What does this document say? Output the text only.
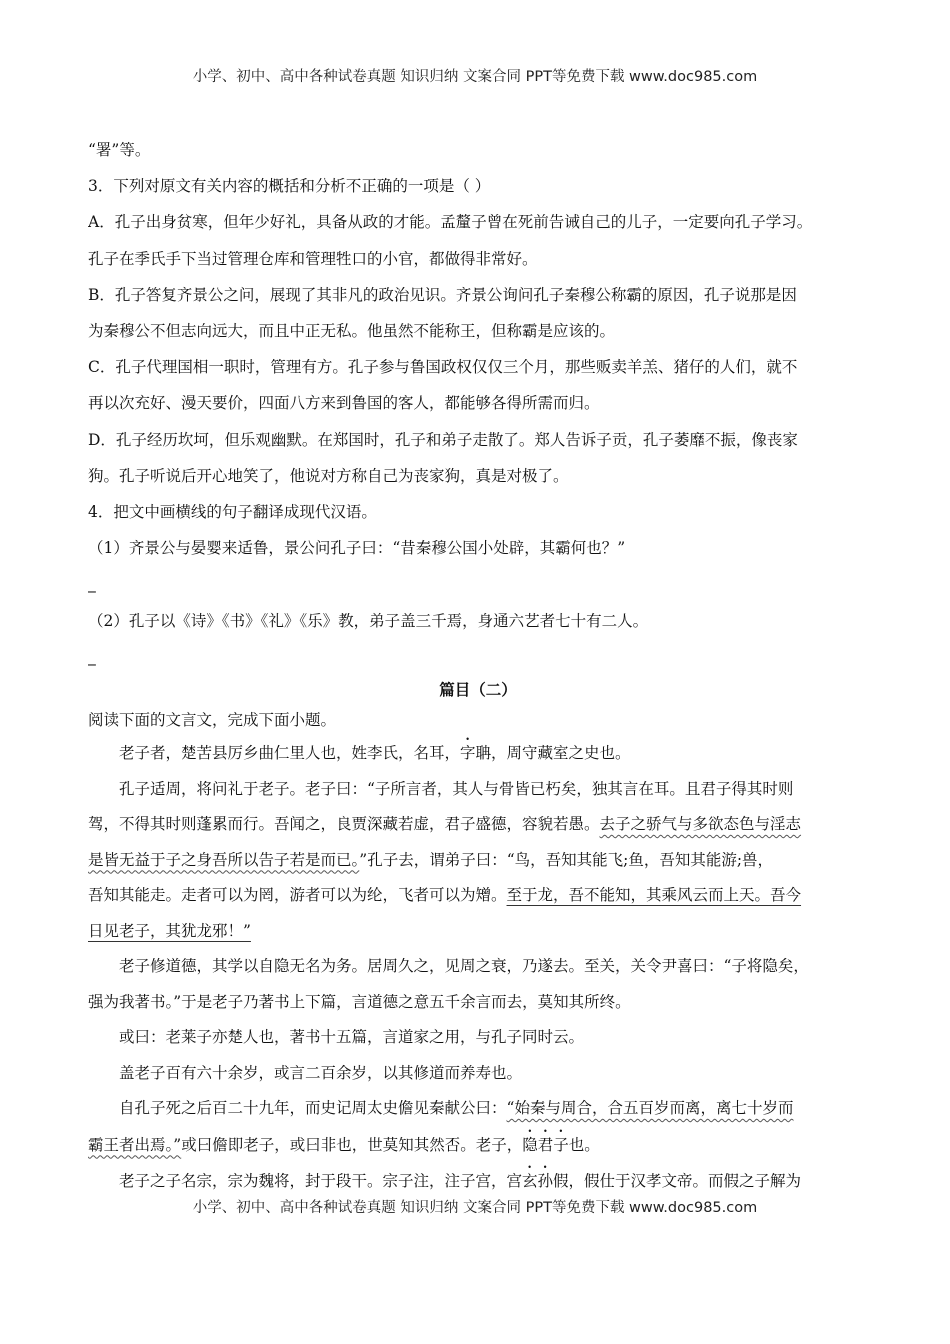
小学、初中、高中各种试卷真题 知识归纳 文案合同 PPT等免费下载 www.doc985.com

“署”等。

3．下列对原文有关内容的概括和分析不正确的一项是（ ）

A．孔子出身贫寒，但年少好礼，具备从政的才能。孟釐子曾在死前告诫自己的儿子，一定要向孔子学习。

孔子在季氏手下当过管理仓库和管理牲口的小官，都做得非常好。

B．孔子答复齐景公之问，展现了其非凡的政治见识。齐景公询问孔子秦穆公称霸的原因，孔子说那是因

为秦穆公不但志向远大，而且中正无私。他虽然不能称王，但称霸是应该的。

C．孔子代理国相一职时，管理有方。孔子参与鲁国政权仅仅三个月，那些贩卖羊羔、猪仔的人们，就不

再以次充好、漫天要价，四面八方来到鲁国的客人，都能够各得所需而归。

D．孔子经历坎坷，但乐观幽默。在郑国时，孔子和弟子走散了。郑人告诉子贡，孔子萎靡不振，像丧家

狗。孔子听说后开心地笑了，他说对方称自己为丧家狗，真是对极了。

4．把文中画横线的句子翻译成现代汉语。

（1）齐景公与晏婴来适鲁，景公问孔子曰：“昔秦穆公国小处辟，其霸何也？”

_

（2）孔子以《诗》《书》《礼》《乐》教，弟子盖三千焉，身通六艺者七十有二人。

_

篇目（二）

阅读下面的文言文，完成下面小题。

老子者，楚苦县厉乡曲仁里人也，姓李氏，名耳，字聃，周守藏室之史也。

孔子适周，将问礼于老子。老子曰：“子所言者，其人与骨皆已朽矣，独其言在耳。且君子得其时则

驾，不得其时则蓬累而行。吾闻之，良贾深藏若虚，君子盛德，容貌若愚。去子之骄气与多欲态色与淫志

是皆无益于子之身吾所以告子若是而已。”孔子去，谓弟子曰：“鸟，吾知其能飞;鱼，吾知其能游;兽，

吾知其能走。走者可以为罔，游者可以为纶，飞者可以为矰。至于龙，吾不能知，其乘风云而上天。吾今

日见老子，其犹龙邪！”

老子修道德，其学以自隐无名为务。居周久之，见周之衰，乃遂去。至关，关令尹喜曰：“子将隐矣，

强为我著书。”于是老子乃著书上下篇，言道德之意五千余言而去，莫知其所终。

或曰：老莱子亦楚人也，著书十五篇，言道家之用，与孔子同时云。

盖老子百有六十余岁，或言二百余岁，以其修道而养寿也。

自孔子死之后百二十九年，而史记周太史儋见秦献公曰：“始秦与周合，合五百岁而离，离七十岁而

霸王者出焉。”或曰儋即老子，或曰非也，世莫知其然否。老子，隐君子也。

老子之子名宗，宗为魏将，封于段干。宗子注，注子宫，宫玄孙假，假仕于汉孝文帝。而假之子解为

小学、初中、高中各种试卷真题 知识归纳 文案合同 PPT等免费下载 www.doc985.com
